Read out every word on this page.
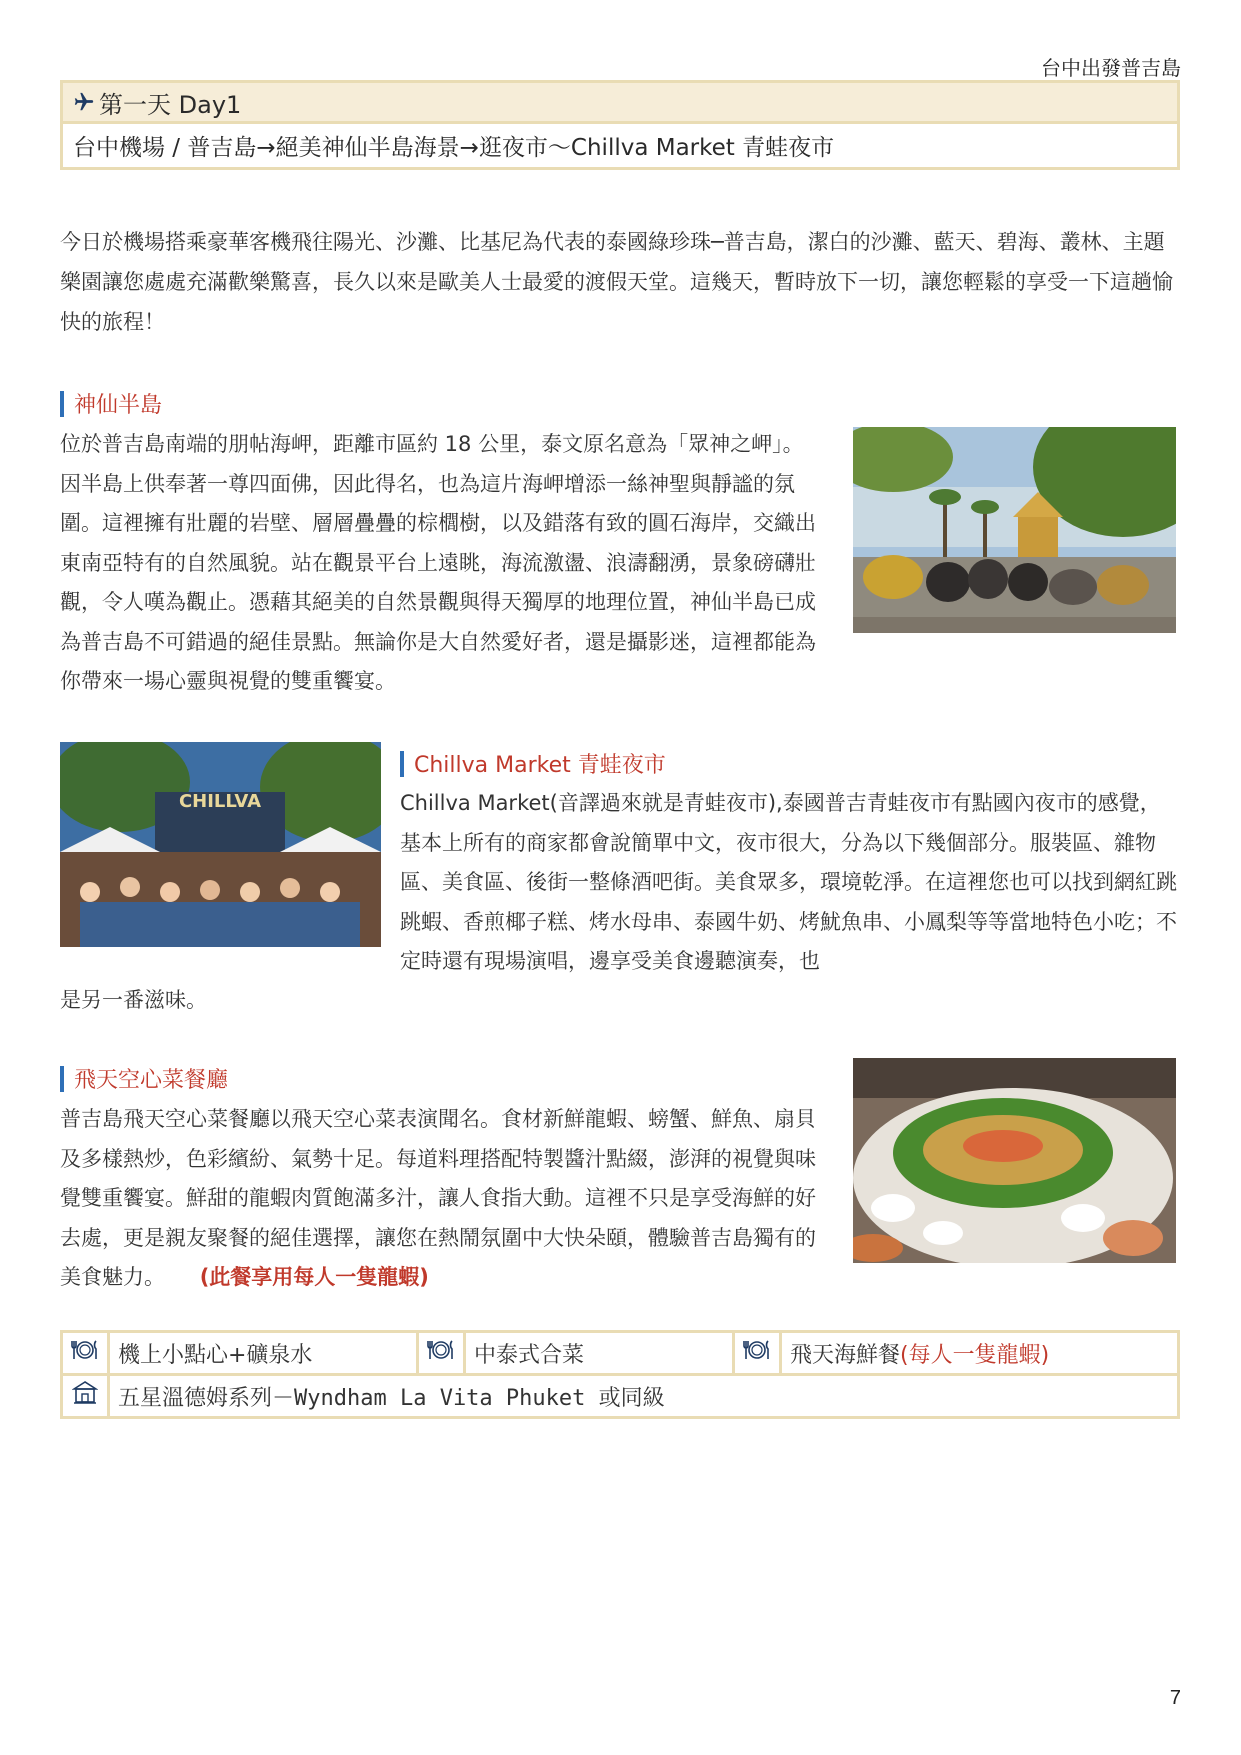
台中出發普吉島
第一天 Day1
台中機場 / 普吉島→絕美神仙半島海景→逛夜市～Chillva Market 青蛙夜市
今日於機場搭乘豪華客機飛往陽光、沙灘、比基尼為代表的泰國綠珍珠─普吉島，潔白的沙灘、藍天、碧海、叢林、主題樂園讓您處處充滿歡樂驚喜，長久以來是歐美人士最愛的渡假天堂。這幾天，暫時放下一切，讓您輕鬆的享受一下這趟愉快的旅程！
神仙半島
位於普吉島南端的朋帖海岬，距離市區約 18 公里，泰文原名意為「眾神之岬」。因半島上供奉著一尊四面佛，因此得名，也為這片海岬增添一絲神聖與靜謐的氛圍。這裡擁有壯麗的岩壁、層層疊疊的棕櫚樹，以及錯落有致的圓石海岸，交織出東南亞特有的自然風貌。站在觀景平台上遠眺，海流激盪、浪濤翻湧，景象磅礴壯觀，令人嘆為觀止。憑藉其絕美的自然景觀與得天獨厚的地理位置，神仙半島已成為普吉島不可錯過的絕佳景點。無論你是大自然愛好者，還是攝影迷，這裡都能為你帶來一場心靈與視覺的雙重饗宴。
CHILLVA
Chillva Market 青蛙夜市
Chillva Market(音譯過來就是青蛙夜市),泰國普吉青蛙夜市有點國內夜市的感覺，基本上所有的商家都會說簡單中文，夜市很大，分為以下幾個部分。服裝區、雜物區、美食區、後街一整條酒吧街。美食眾多，環境乾淨。在這裡您也可以找到網紅跳跳蝦、香煎椰子糕、烤水母串、泰國牛奶、烤魷魚串、小鳳梨等等當地特色小吃；不定時還有現場演唱，邊享受美食邊聽演奏，也
是另一番滋味。
飛天空心菜餐廳
普吉島飛天空心菜餐廳以飛天空心菜表演聞名。食材新鮮龍蝦、螃蟹、鮮魚、扇貝及多樣熱炒，色彩繽紛、氣勢十足。每道料理搭配特製醬汁點綴，澎湃的視覺與味覺雙重饗宴。鮮甜的龍蝦肉質飽滿多汁，讓人食指大動。這裡不只是享受海鮮的好去處，更是親友聚餐的絕佳選擇，讓您在熱鬧氛圍中大快朵頤，體驗普吉島獨有的美食魅力。 (此餐享用每人一隻龍蝦)
	機上小點心+礦泉水		中泰式合菜		飛天海鮮餐(每人一隻龍蝦)
	五星溫德姆系列－Wyndham La Vita Phuket 或同級				
7
